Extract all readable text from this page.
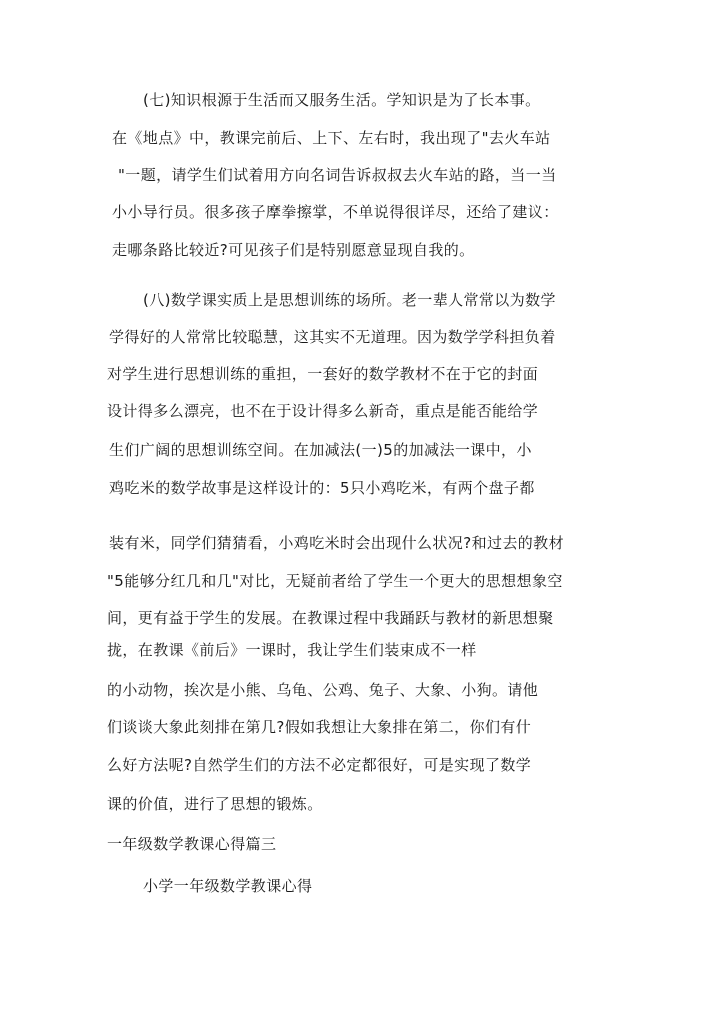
(七)知识根源于生活而又服务生活。学知识是为了长本事。
在《地点》中，教课完前后、上下、左右时，我出现了"去火车站
"一题，请学生们试着用方向名词告诉叔叔去火车站的路，当一当
小小导行员。很多孩子摩拳擦掌，不单说得很详尽，还给了建议：
走哪条路比较近?可见孩子们是特别愿意显现自我的。
(八)数学课实质上是思想训练的场所。老一辈人常常以为数学
学得好的人常常比较聪慧，这其实不无道理。因为数学学科担负着
对学生进行思想训练的重担，一套好的数学教材不在于它的封面
设计得多么漂亮，也不在于设计得多么新奇，重点是能否能给学
生们广阔的思想训练空间。在加减法(一)5的加减法一课中，小
鸡吃米的数学故事是这样设计的：5只小鸡吃米，有两个盘子都
装有米，同学们猜猜看，小鸡吃米时会出现什么状况?和过去的教材
"5能够分红几和几"对比，无疑前者给了学生一个更大的思想想象空
间，更有益于学生的发展。在教课过程中我踊跃与教材的新思想聚
拢，在教课《前后》一课时，我让学生们装束成不一样
的小动物，挨次是小熊、乌龟、公鸡、兔子、大象、小狗。请他
们谈谈大象此刻排在第几?假如我想让大象排在第二，你们有什
么好方法呢?自然学生们的方法不必定都很好，可是实现了数学
课的价值，进行了思想的锻炼。
一年级数学教课心得篇三
小学一年级数学教课心得
